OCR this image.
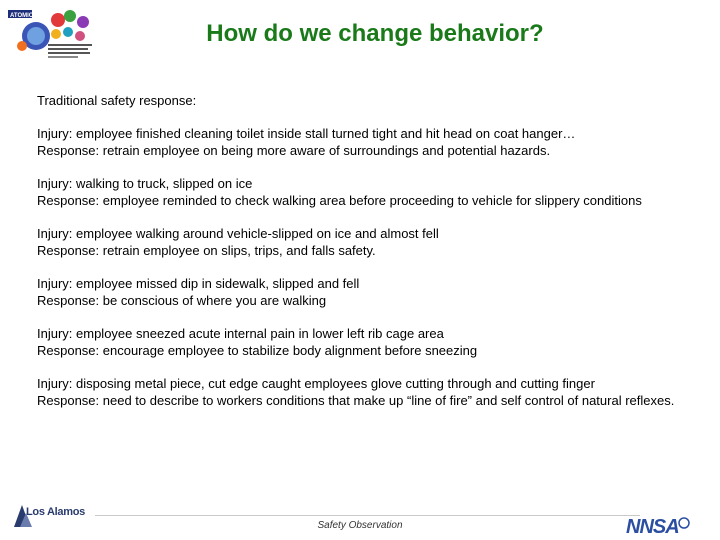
ATOMICS
How do we change behavior?

Traditional safety response:

Injury: employee finished cleaning toilet inside stall turned tight and hit head on coat hanger…

Response: retrain employee on being more aware of surroundings and potential hazards.

Injury: walking to truck, slipped on ice

Response: employee reminded to check walking area before proceeding to vehicle for slippery conditions

Injury: employee walking around vehicle-slipped on ice and almost fell

Response: retrain employee on slips, trips, and falls safety.

Injury: employee missed dip in sidewalk, slipped and fell

Response: be conscious of where you are walking

Injury: employee sneezed acute internal pain in lower left rib cage area

Response: encourage employee to stabilize body alignment before sneezing

Injury: disposing metal piece, cut edge caught employees glove cutting through and cutting finger

Response: need to describe to workers conditions that make up “line of fire” and self control of natural reflexes.

Los Alamos
Safety Observation	NNSA
